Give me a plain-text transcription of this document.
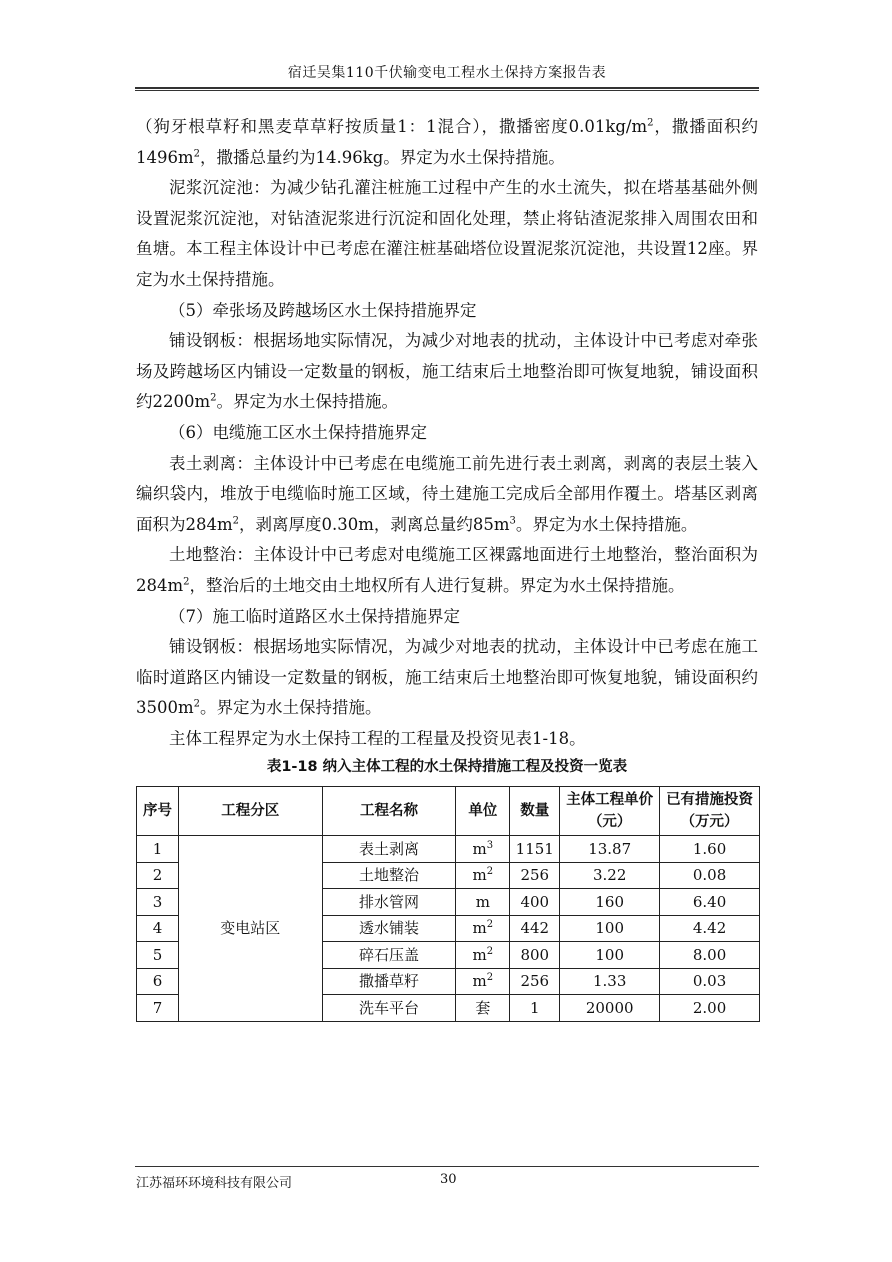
宿迁吴集110千伏输变电工程水土保持方案报告表

（狗牙根草籽和黑麦草草籽按质量1：1混合），撒播密度$0.01kg/m^2$，撒播面积约$1496m^2$，撒播总量约为14.96kg。界定为水土保持措施。

泥浆沉淀池：为减少钻孔灌注桩施工过程中产生的水土流失，拟在塔基基础外侧设置泥浆沉淀池，对钻渣泥浆进行沉淀和固化处理，禁止将钻渣泥浆排入周围农田和鱼塘。本工程主体设计中已考虑在灌注桩基础塔位设置泥浆沉淀池，共设置12座。界定为水土保持措施。

（5）牵张场及跨越场区水土保持措施界定

铺设钢板：根据场地实际情况，为减少对地表的扰动，主体设计中已考虑对牵张场及跨越场区内铺设一定数量的钢板，施工结束后土地整治即可恢复地貌，铺设面积约$2200m^2$。界定为水土保持措施。

（6）电缆施工区水土保持措施界定

表土剥离：主体设计中已考虑在电缆施工前先进行表土剥离，剥离的表层土装入编织袋内，堆放于电缆临时施工区域，待土建施工完成后全部用作覆土。塔基区剥离面积为$284m^2$，剥离厚度0.30m，剥离总量约$85m^3$。界定为水土保持措施。

土地整治：主体设计中已考虑对电缆施工区裸露地面进行土地整治，整治面积为$284m^2$，整治后的土地交由土地权所有人进行复耕。界定为水土保持措施。

（7）施工临时道路区水土保持措施界定

铺设钢板：根据场地实际情况，为减少对地表的扰动，主体设计中已考虑在施工临时道路区内铺设一定数量的钢板，施工结束后土地整治即可恢复地貌，铺设面积约$3500m^2$。界定为水土保持措施。

主体工程界定为水土保持工程的工程量及投资见表1-18。

表1-18 纳入主体工程的水土保持措施工程及投资一览表
序号	工程分区	工程名称	单位	数量	主体工程单价（元）	已有措施投资（万元）
1	变电站区	表土剥离	$m^3$	1151	13.87	1.60
2		土地整治	$m^2$	256	3.22	0.08
3		排水管网	m	400	160	6.40
4		透水铺装	$m^2$	442	100	4.42
5		碎石压盖	$m^2$	800	100	8.00
6		撒播草籽	$m^2$	256	1.33	0.03
7		洗车平台	套	1	20000	2.00
江苏福环环境科技有限公司	30
